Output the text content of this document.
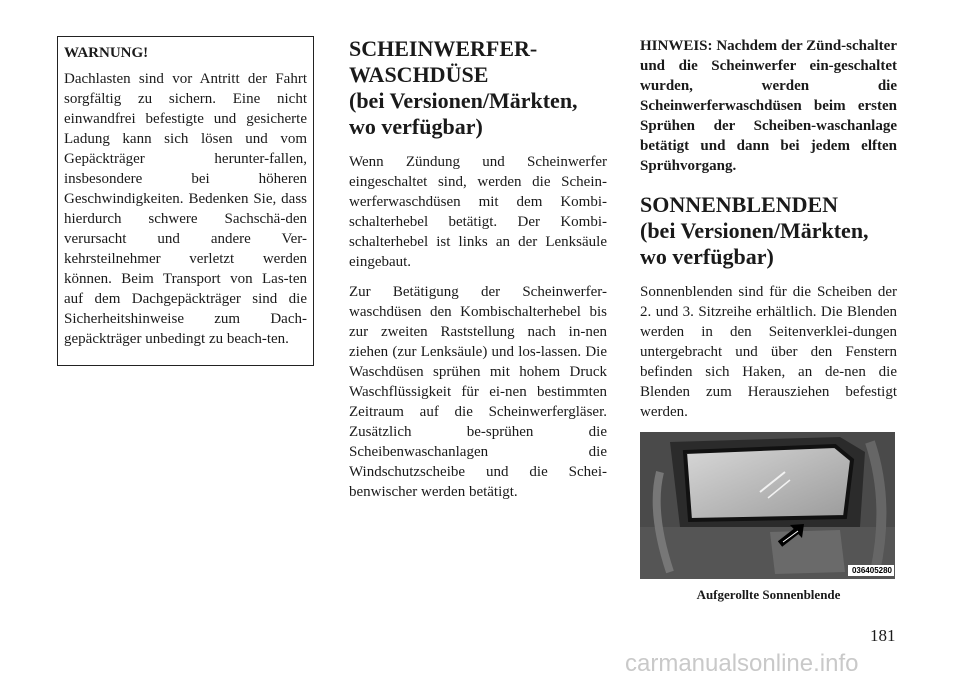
WARNUNG!

Dachlasten sind vor Antritt der Fahrt sorgfältig zu sichern. Eine nicht einwandfrei befestigte und gesicherte Ladung kann sich lösen und vom Gepäckträger herunter-fallen, insbesondere bei höheren Geschwindigkeiten. Bedenken Sie, dass hierdurch schwere Sachschä-den verursacht und andere Ver-kehrsteilnehmer verletzt werden können. Beim Transport von Las-ten auf dem Dachgepäckträger sind die Sicherheitshinweise zum Dach-gepäckträger unbedingt zu beach-ten.

SCHEINWERFER-
WASCHDÜSE
(bei Versionen/Märkten,
wo verfügbar)

Wenn Zündung und Scheinwerfer eingeschaltet sind, werden die Schein-werferwaschdüsen mit dem Kombi-schalterhebel betätigt. Der Kombi-schalterhebel ist links an der Lenksäule eingebaut.

Zur Betätigung der Scheinwerfer-waschdüsen den Kombischalterhebel bis zur zweiten Raststellung nach in-nen ziehen (zur Lenksäule) und los-lassen. Die Waschdüsen sprühen mit hohem Druck Waschflüssigkeit für ei-nen bestimmten Zeitraum auf die Scheinwerfergläser. Zusätzlich be-sprühen die Scheibenwaschanlagen die Windschutzscheibe und die Schei-benwischer werden betätigt.

HINWEIS: Nachdem der Zünd-schalter und die Scheinwerfer ein-geschaltet wurden, werden die Scheinwerferwaschdüsen beim ersten Sprühen der Scheiben-waschanlage betätigt und dann bei jedem elften Sprühvorgang.

SONNENBLENDEN
(bei Versionen/Märkten,
wo verfügbar)

Sonnenblenden sind für die Scheiben der 2. und 3. Sitzreihe erhältlich. Die Blenden werden in den Seitenverklei-dungen untergebracht und über den Fenstern befinden sich Haken, an de-nen die Blenden zum Herausziehen befestigt werden.

036405280
Aufgerollte Sonnenblende
181
carmanualsonline.info
